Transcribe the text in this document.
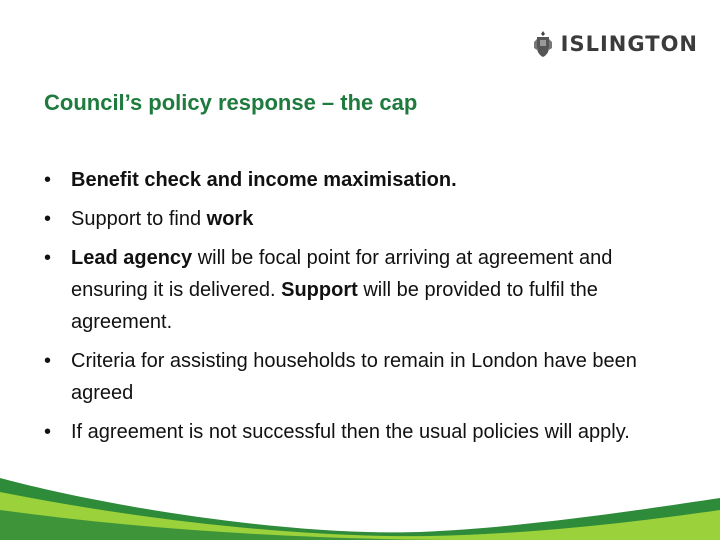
ISLINGTON
Council’s policy response – the cap
• Benefit check and income maximisation.
• Support to find work
• Lead agency will be focal point for arriving at agreement and ensuring it is delivered. Support will be provided to fulfil the agreement.
• Criteria for assisting households to remain in London have been agreed
• If agreement is not successful then the usual policies will apply.
